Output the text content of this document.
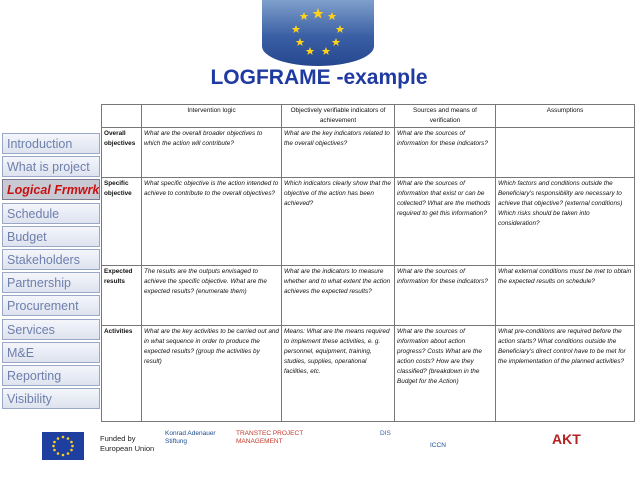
LOGFRAME -example
Introduction
What is project
Logical Frmwrk
Schedule
Budget
Stakeholders
Partnership
Procurement
Services
M&E
Reporting
Visibility
	Intervention logic	Objectively verifiable indicators of achievement	Sources and means of verification	Assumptions
Overall objectives	What are the overall broader objectives to which the action will contribute?	What are the key indicators related to the overall objectives?	What are the sources of information for these indicators?	
Specific objective	What specific objective is the action intended to achieve to contribute to the overall objectives?	Which indicators clearly show that the objective of the action has been achieved?	What are the sources of information that exist or can be collected? What are the methods required to get this information?	Which factors and conditions outside the Beneficiary's responsibility are necessary to achieve that objective? (external conditions) Which risks should be taken into consideration?
Expected results	The results are the outputs envisaged to achieve the specific objective. What are the expected results? (enumerate them)	What are the indicators to measure whether and to what extent the action achieves the expected results?	What are the sources of information for these indicators?	What external conditions must be met to obtain the expected results on schedule?
Activities	What are the key activities to be carried out and in what sequence in order to produce the expected results? (group the activities by result)	Means: What are the means required to implement these activities, e. g. personnel, equipment, training, studies, supplies, operational facilities, etc.	What are the sources of information about action progress? Costs What are the action costs? How are they classified? (breakdown in the Budget for the Action)	What pre-conditions are required before the action starts? What conditions outside the Beneficiary's direct control have to be met for the implementation of the planned activities?
Funded by European Union
Konrad Adenauer Stiftung
TRANSTEC PROJECT MANAGEMENT
DIS
ICCN	AKT
